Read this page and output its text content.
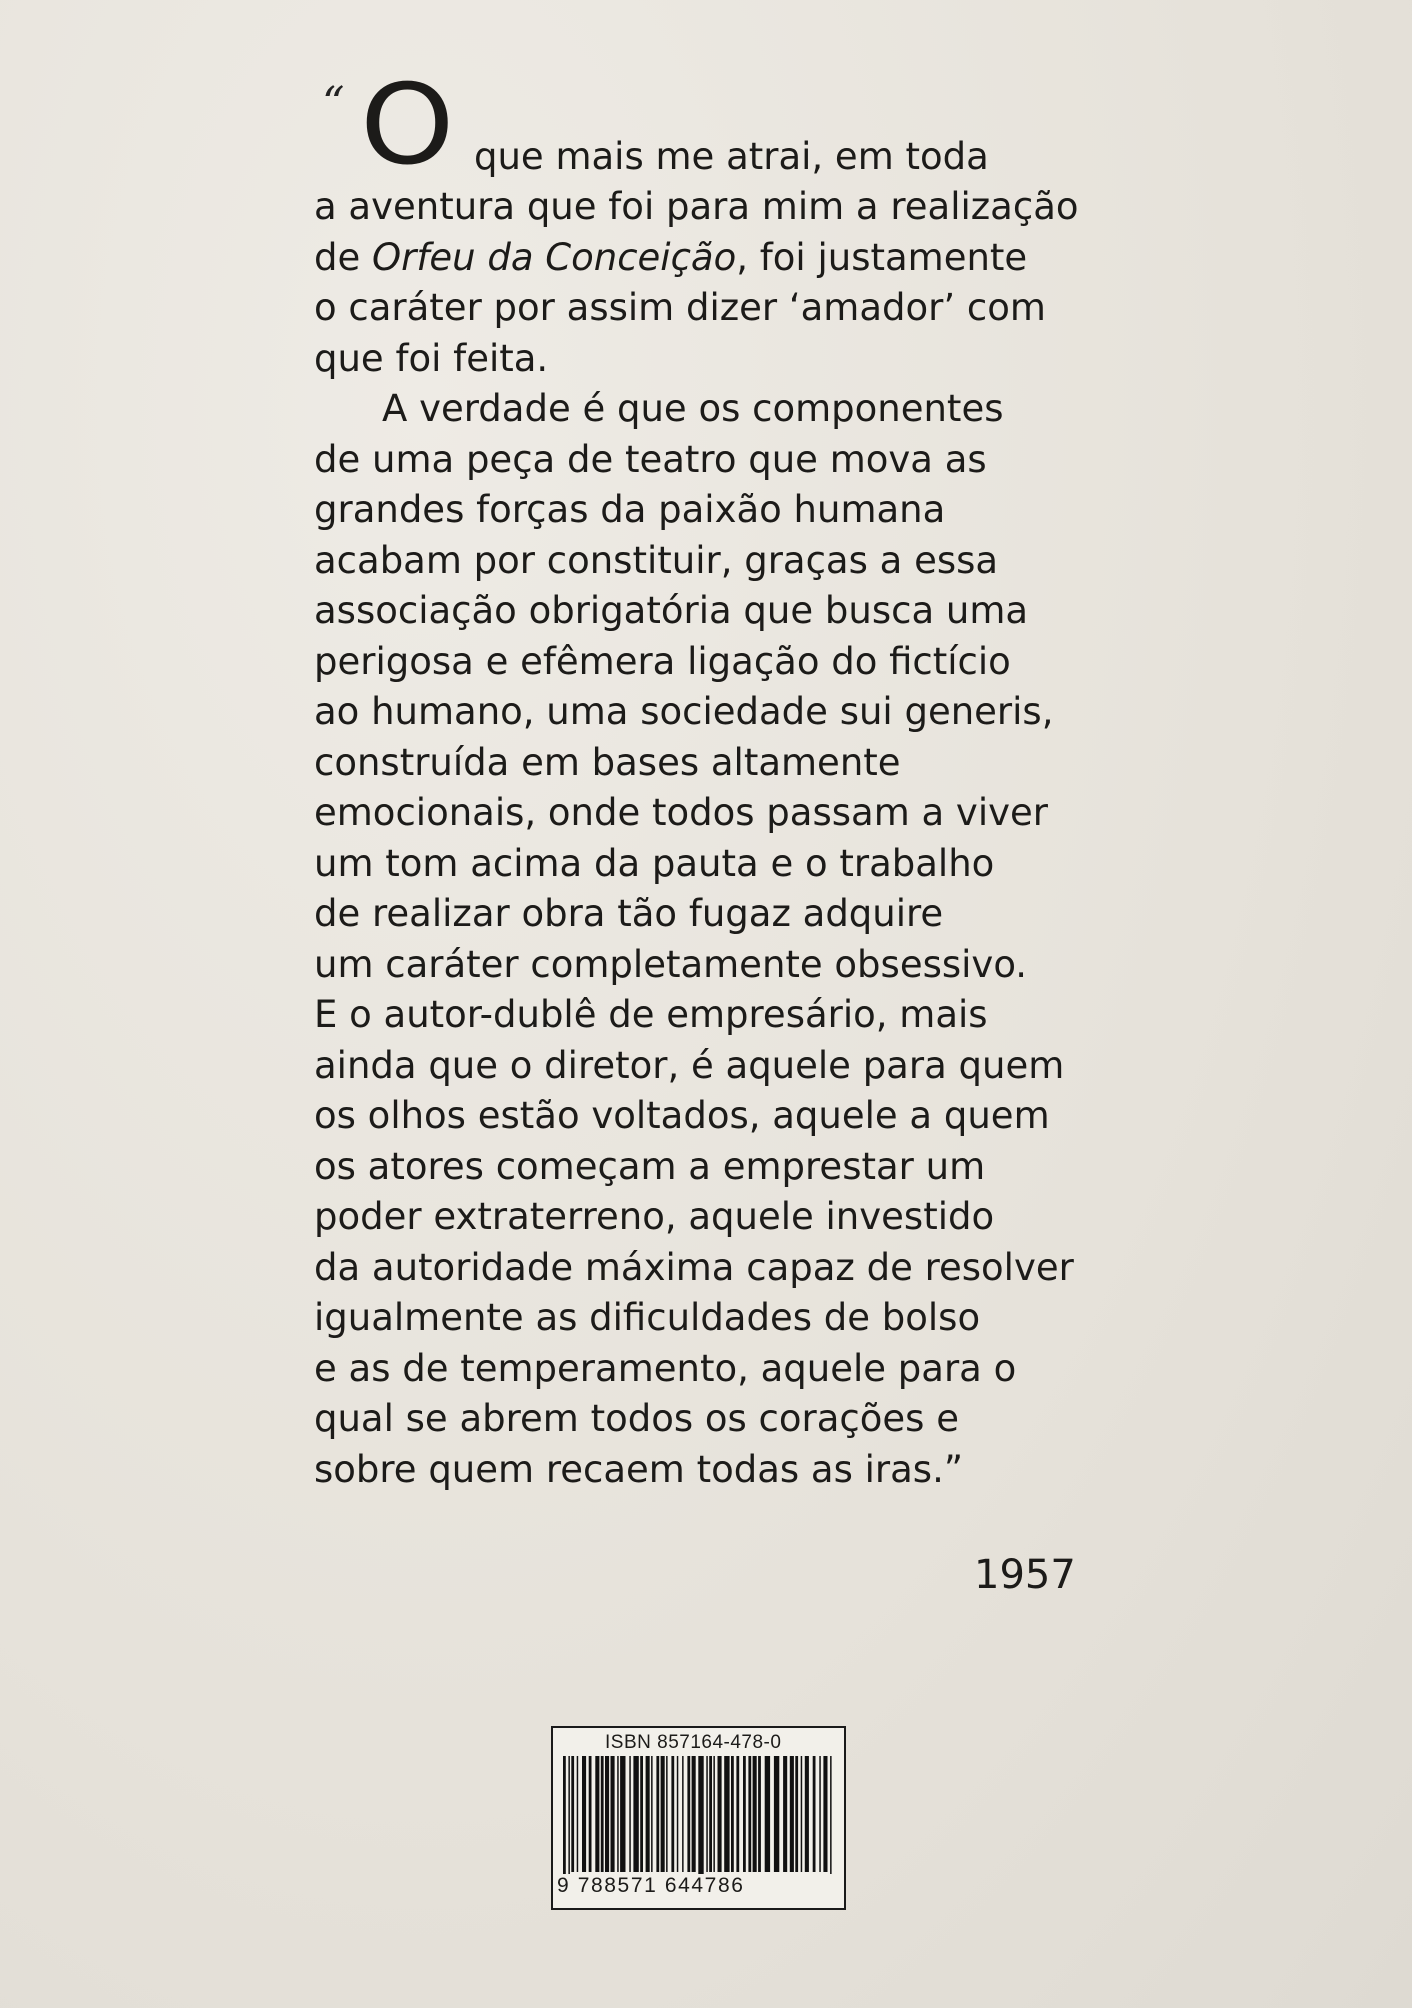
“ O que mais me atrai, em toda
a aventura que foi para mim a realização
de Orfeu da Conceição, foi justamente
o caráter por assim dizer ‘amador’ com
que foi feita.
A verdade é que os componentes
de uma peça de teatro que mova as
grandes forças da paixão humana
acabam por constituir, graças a essa
associação obrigatória que busca uma
perigosa e efêmera ligação do fictício
ao humano, uma sociedade sui generis,
construída em bases altamente
emocionais, onde todos passam a viver
um tom acima da pauta e o trabalho
de realizar obra tão fugaz adquire
um caráter completamente obsessivo.
E o autor-dublê de empresário, mais
ainda que o diretor, é aquele para quem
os olhos estão voltados, aquele a quem
os atores começam a emprestar um
poder extraterreno, aquele investido
da autoridade máxima capaz de resolver
igualmente as dificuldades de bolso
e as de temperamento, aquele para o
qual se abrem todos os corações e
sobre quem recaem todas as iras.”
1957
ISBN 857164-478-0
9 788571 644786
